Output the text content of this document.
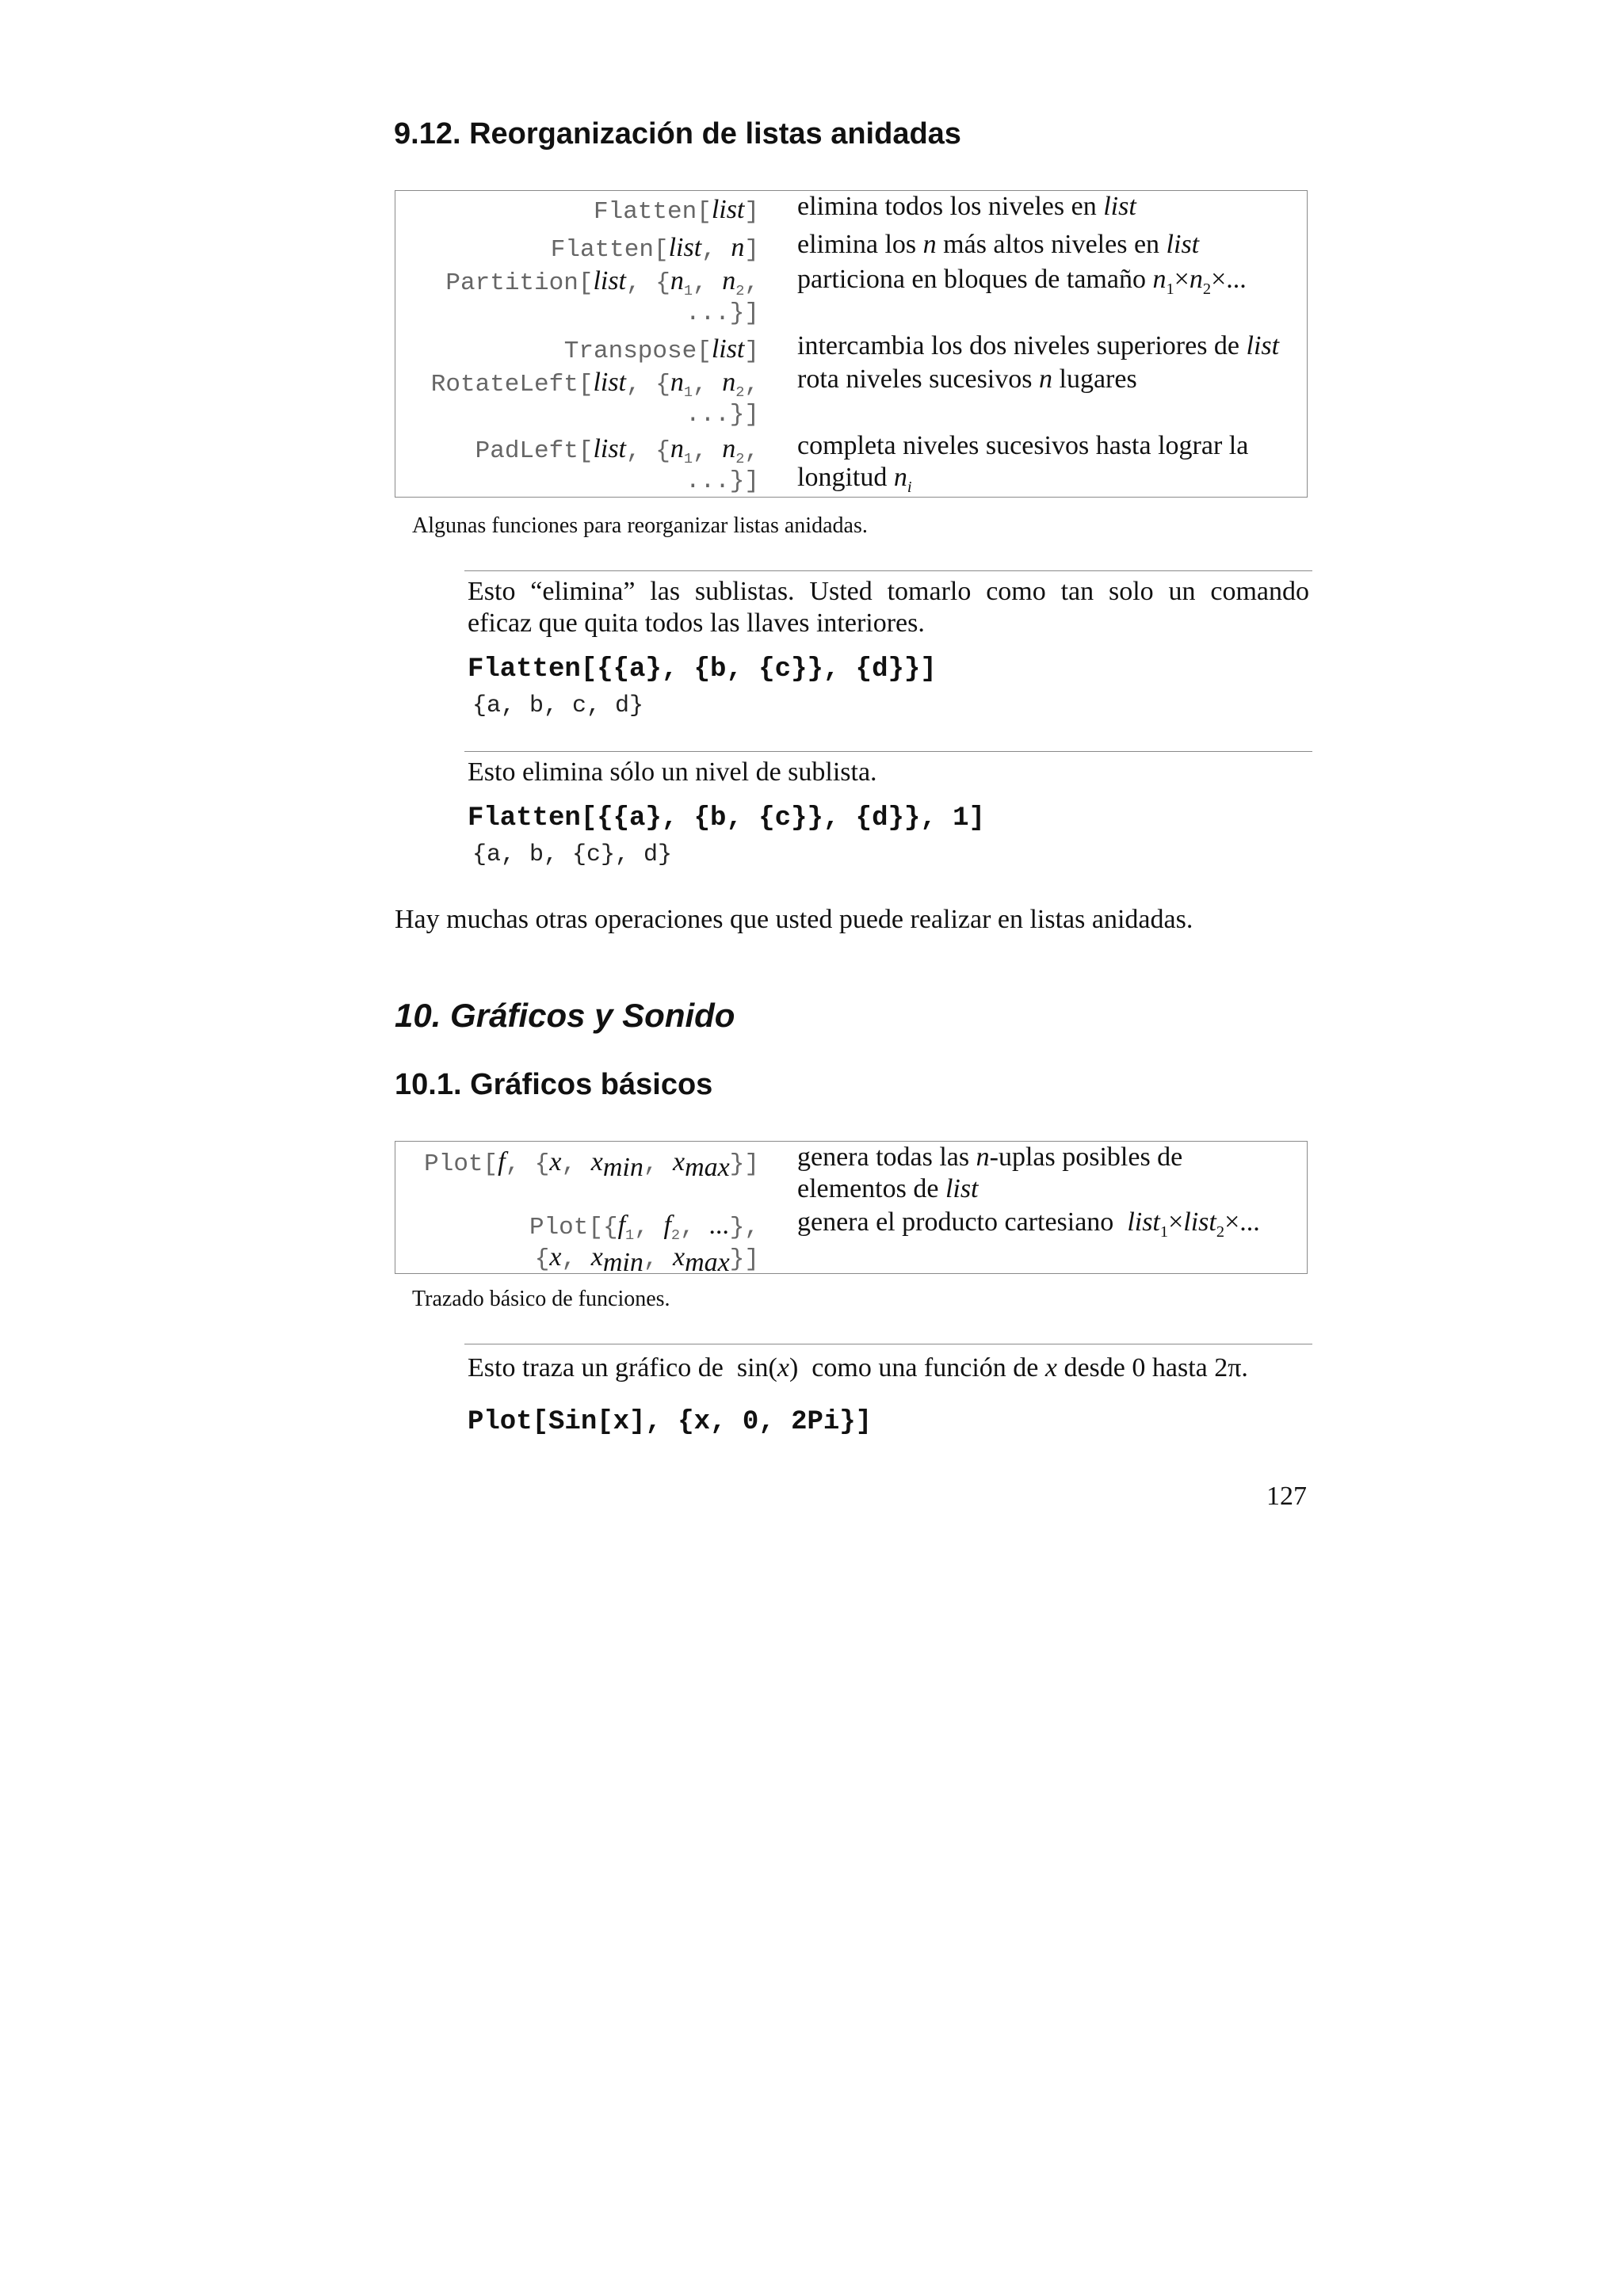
9.12. Reorganización de listas anidadas
Flatten[list] elimina todos los niveles en list
Flatten[list, n] elimina los n más altos niveles en list
Partition[list, {$n_1$, $n_2$,
...}]
particiona en bloques de tamaño $n_1\times n_2\times$...
Transpose[list] intercambia los dos niveles superiores de list
RotateLeft[list, {$n_1$, $n_2$,
...}]
rota niveles sucesivos n lugares
PadLeft[list, {$n_1$, $n_2$,
...}]
completa niveles sucesivos hasta lograr la
longitud $n_i$
Algunas funciones para reorganizar listas anidadas.
Esto “elimina” las sublistas. Usted tomarlo como tan solo un comando
eficaz que quita todos las llaves interiores.
Flatten[{{a}, {b, {c}}, {d}}]
{a, b, c, d}
Esto elimina sólo un nivel de sublista.
Flatten[{{a}, {b, {c}}, {d}}, 1]
{a, b, {c}, d}
Hay muchas otras operaciones que usted puede realizar en listas anidadas.
10. Gráficos y Sonido
10.1. Gráficos básicos
Plot[f, {x, $x_{min}$, $x_{max}$}] genera todas las n-uplas posibles de
elementos de list
$Plot[\{f_1$, $f_2$, ...},
{x, $x_{min}$, $x_{max}$}]
genera el producto cartesiano  list$_1$×list$_2$×...
Trazado básico de funciones.
Esto traza un gráfico de  sin(x)  como una función de x desde 0 hasta 2π.
Plot[Sin[x], {x, 0, 2Pi}]
127
